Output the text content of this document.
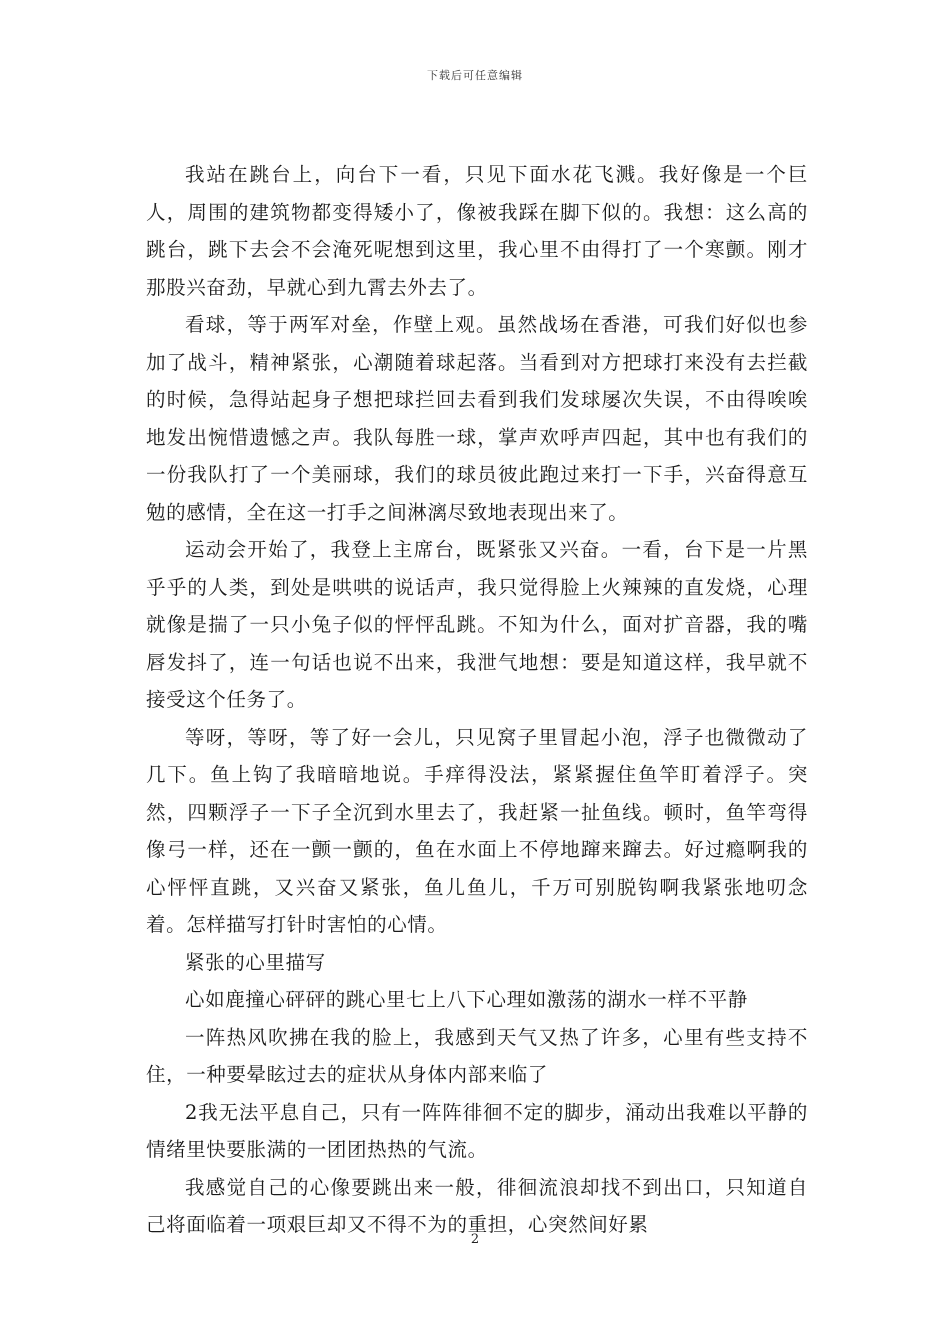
下载后可任意编辑

我站在跳台上，向台下一看，只见下面水花飞溅。我好像是一个巨人，周围的建筑物都变得矮小了，像被我踩在脚下似的。我想：这么高的跳台，跳下去会不会淹死呢想到这里，我心里不由得打了一个寒颤。刚才那股兴奋劲，早就心到九霄去外去了。

看球，等于两军对垒，作壁上观。虽然战场在香港，可我们好似也参加了战斗，精神紧张，心潮随着球起落。当看到对方把球打来没有去拦截的时候，急得站起身子想把球拦回去看到我们发球屡次失误，不由得唉唉地发出惋惜遗憾之声。我队每胜一球，掌声欢呼声四起，其中也有我们的一份我队打了一个美丽球，我们的球员彼此跑过来打一下手，兴奋得意互勉的感情，全在这一打手之间淋漓尽致地表现出来了。

运动会开始了，我登上主席台，既紧张又兴奋。一看，台下是一片黑乎乎的人类，到处是哄哄的说话声，我只觉得脸上火辣辣的直发烧，心理就像是揣了一只小兔子似的怦怦乱跳。不知为什么，面对扩音器，我的嘴唇发抖了，连一句话也说不出来，我泄气地想：要是知道这样，我早就不接受这个任务了。

等呀，等呀，等了好一会儿，只见窝子里冒起小泡，浮子也微微动了几下。鱼上钩了我暗暗地说。手痒得没法，紧紧握住鱼竿盯着浮子。突然，四颗浮子一下子全沉到水里去了，我赶紧一扯鱼线。顿时，鱼竿弯得像弓一样，还在一颤一颤的，鱼在水面上不停地蹿来蹿去。好过瘾啊我的心怦怦直跳，又兴奋又紧张，鱼儿鱼儿，千万可别脱钩啊我紧张地叨念着。怎样描写打针时害怕的心情。

紧张的心里描写

心如鹿撞心砰砰的跳心里七上八下心理如激荡的湖水一样不平静

一阵热风吹拂在我的脸上，我感到天气又热了许多，心里有些支持不住，一种要晕眩过去的症状从身体内部来临了

2我无法平息自己，只有一阵阵徘徊不定的脚步，涌动出我难以平静的情绪里快要胀满的一团团热热的气流。

我感觉自己的心像要跳出来一般，徘徊流浪却找不到出口，只知道自己将面临着一项艰巨却又不得不为的重担，心突然间好累

2
